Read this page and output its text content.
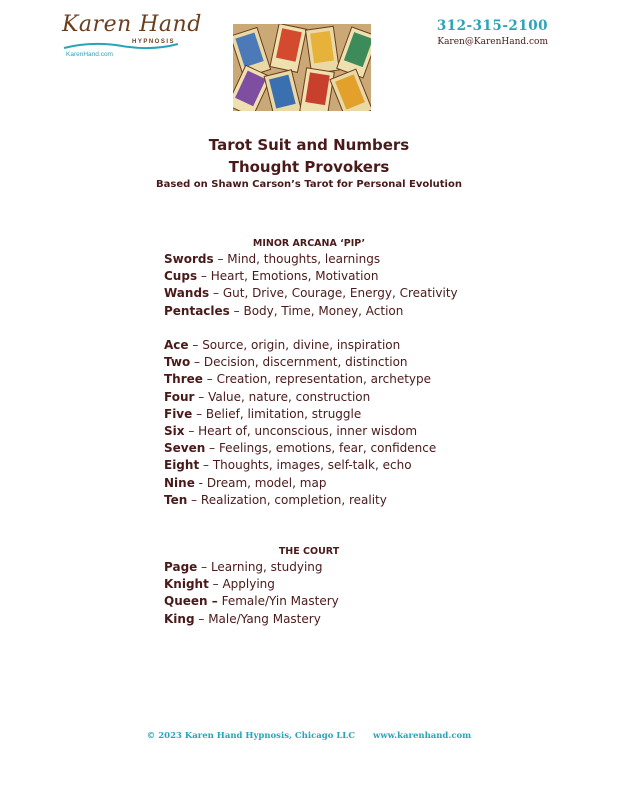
Karen Hand
HYPNOSIS
KarenHand.com
312-315-2100
Karen@KarenHand.com
Tarot Suit and Numbers
Thought Provokers
Based on Shawn Carson’s Tarot for Personal Evolution
MINOR ARCANA ‘PIP’
Swords – Mind, thoughts, learnings
Cups – Heart, Emotions, Motivation
Wands – Gut, Drive, Courage, Energy, Creativity
Pentacles – Body, Time, Money, Action
Ace – Source, origin, divine, inspiration
Two – Decision, discernment, distinction
Three – Creation, representation, archetype
Four – Value, nature, construction
Five – Belief, limitation, struggle
Six – Heart of, unconscious, inner wisdom
Seven – Feelings, emotions, fear, confidence
Eight – Thoughts, images, self-talk, echo
Nine - Dream, model, map
Ten – Realization, completion, reality
THE COURT
Page – Learning, studying
Knight – Applying
Queen – Female/Yin Mastery
King – Male/Yang Mastery
© 2023 Karen Hand Hypnosis, Chicago LLC www.karenhand.com
